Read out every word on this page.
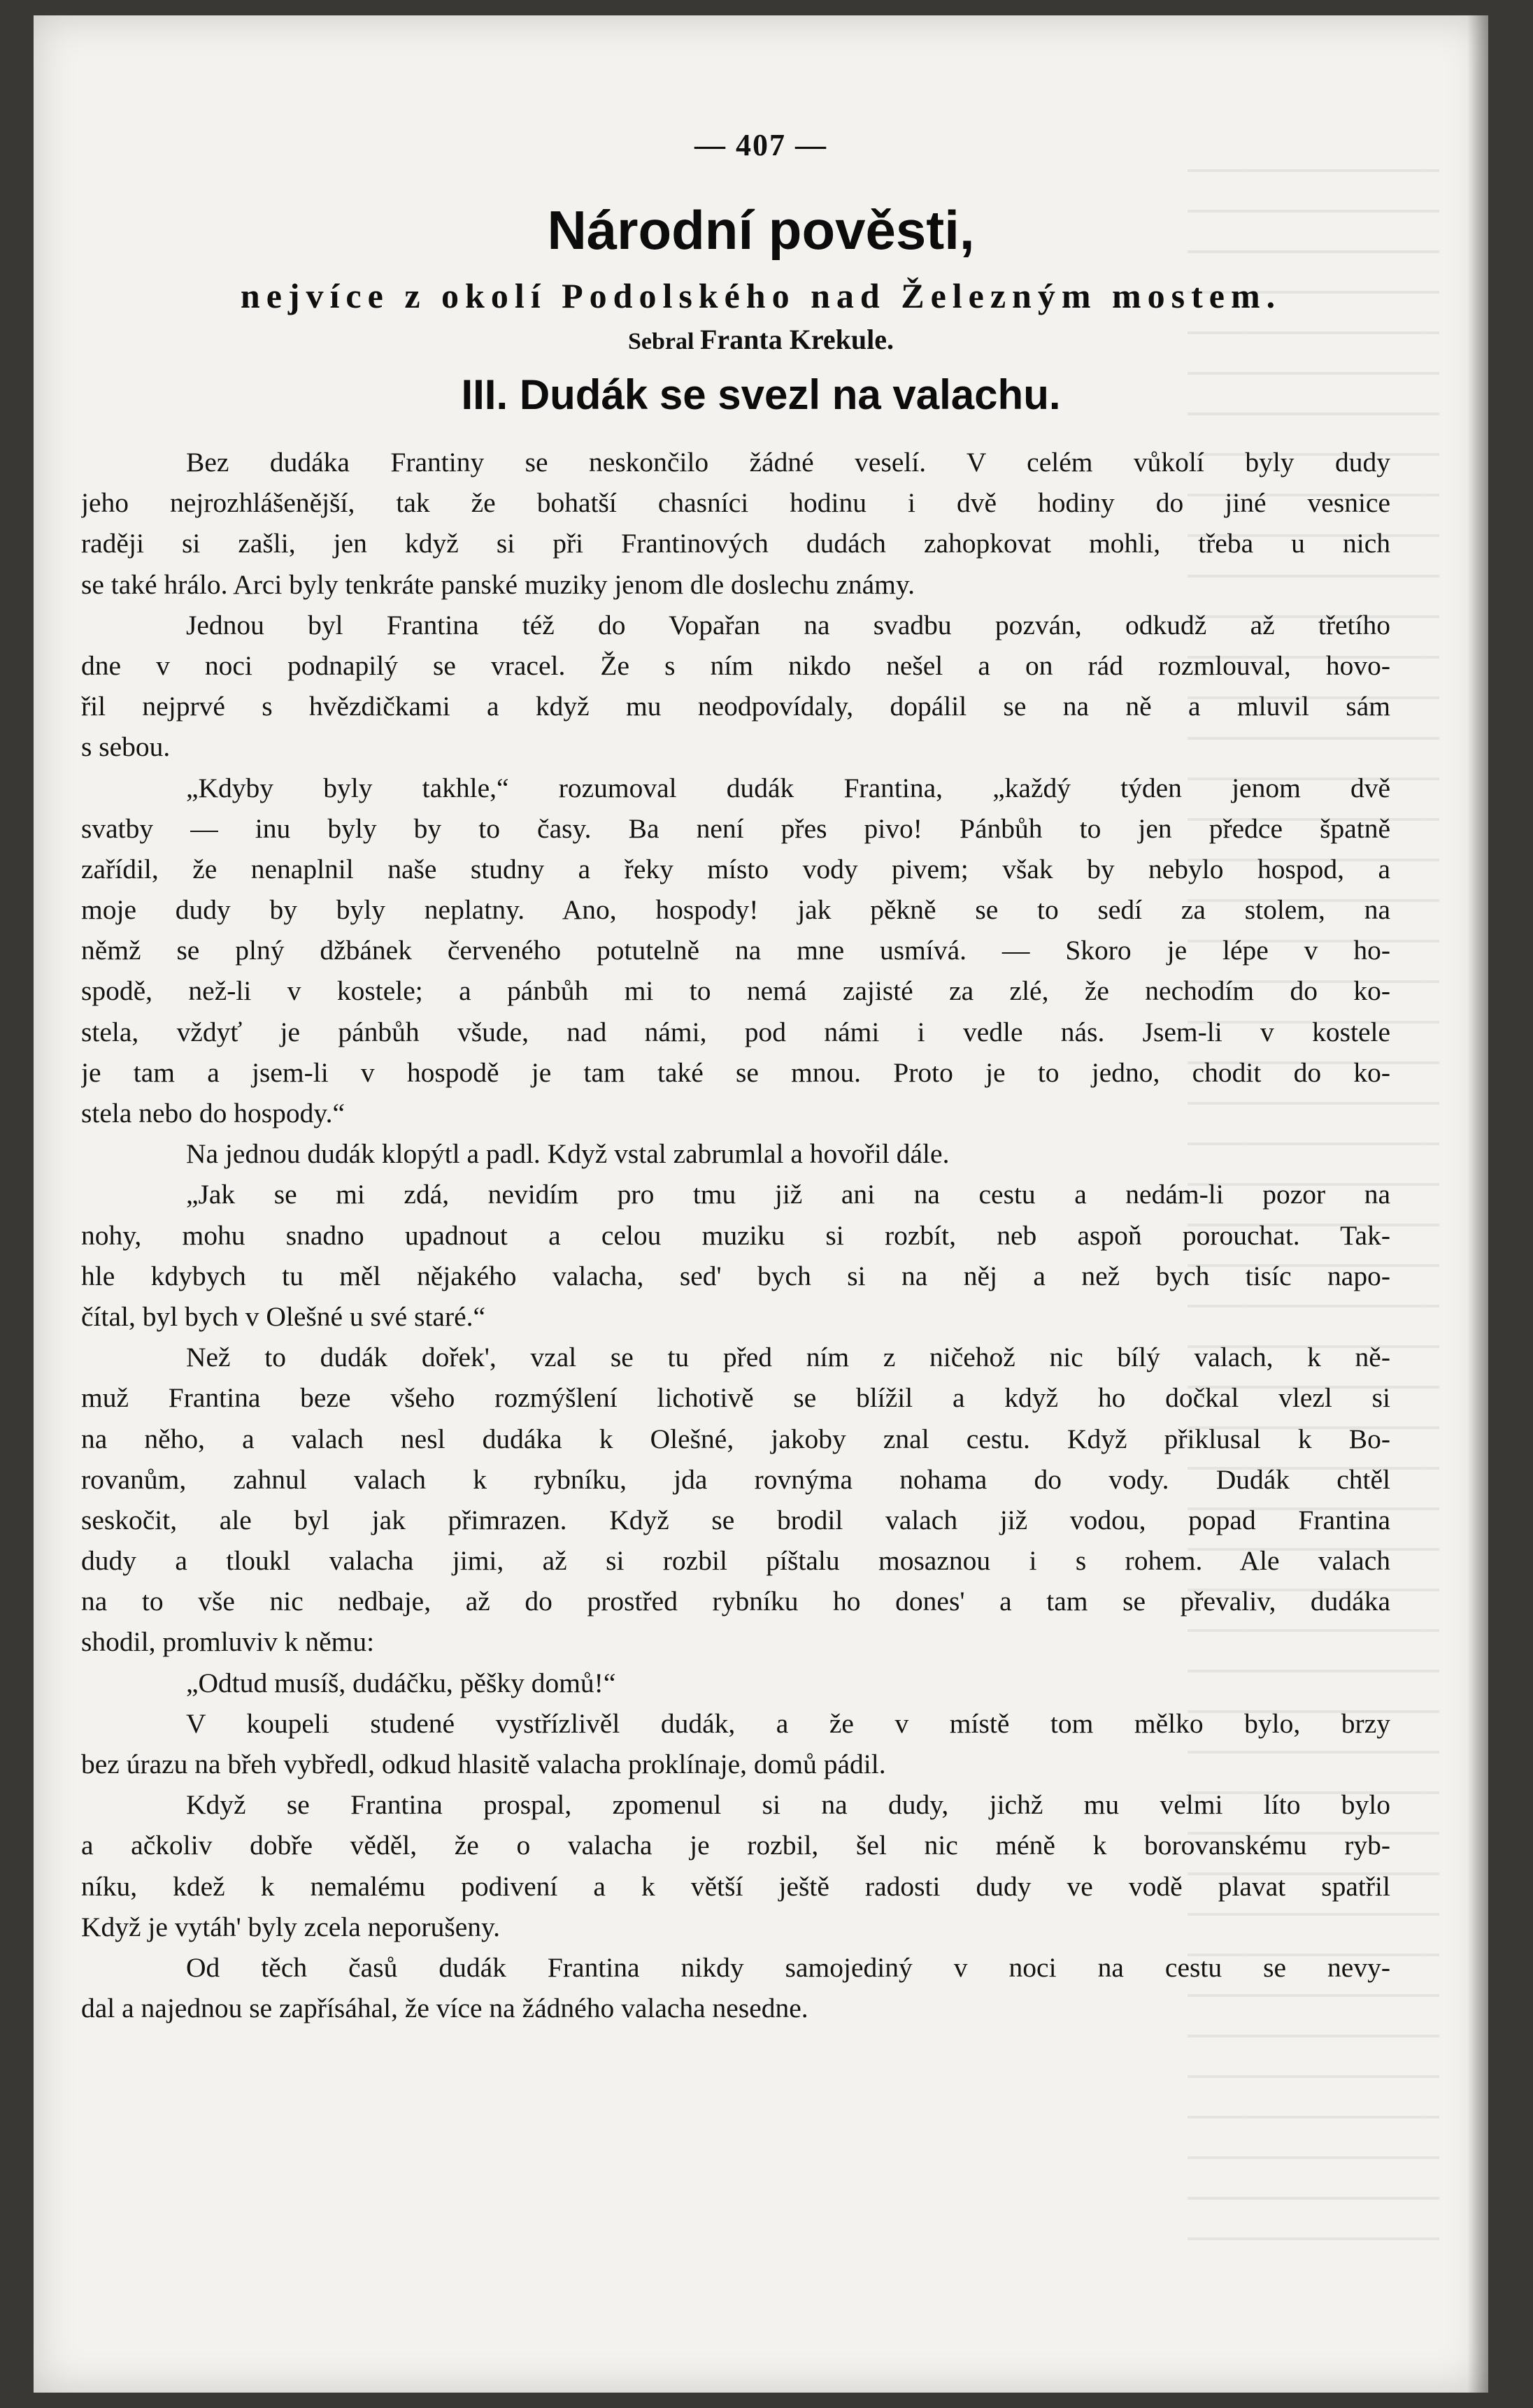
— 407 —
Národní pověsti,
nejvíce z okolí Podolského nad Železným mostem.
Sebral Franta Krekule.
III. Dudák se svezl na valachu.
Bez dudáka Frantiny se neskončilo žádné veselí. V celém vůkolí byly dudy
jeho nejrozhlášenější, tak že bohatší chasníci hodinu i dvě hodiny do jiné vesnice
raději si zašli, jen když si při Frantinových dudách zahopkovat mohli, třeba u nich
se také hrálo. Arci byly tenkráte panské muziky jenom dle doslechu známy.
Jednou byl Frantina též do Vopařan na svadbu pozván, odkudž až třetího
dne v noci podnapilý se vracel. Že s ním nikdo nešel a on rád rozmlouval, hovo-
řil nejprvé s hvězdičkami a když mu neodpovídaly, dopálil se na ně a mluvil sám
s sebou.
„Kdyby byly takhle,“ rozumoval dudák Frantina, „každý týden jenom dvě
svatby — inu byly by to časy. Ba není přes pivo! Pánbůh to jen předce špatně
zařídil, že nenaplnil naše studny a řeky místo vody pivem; však by nebylo hospod, a
moje dudy by byly neplatny. Ano, hospody! jak pěkně se to sedí za stolem, na
němž se plný džbánek červeného potutelně na mne usmívá. — Skoro je lépe v ho-
spodě, než-li v kostele; a pánbůh mi to nemá zajisté za zlé, že nechodím do ko-
stela, vždyť je pánbůh všude, nad námi, pod námi i vedle nás. Jsem-li v kostele
je tam a jsem-li v hospodě je tam také se mnou. Proto je to jedno, chodit do ko-
stela nebo do hospody.“
Na jednou dudák klopýtl a padl. Když vstal zabrumlal a hovořil dále.
„Jak se mi zdá, nevidím pro tmu již ani na cestu a nedám-li pozor na
nohy, mohu snadno upadnout a celou muziku si rozbít, neb aspoň porouchat. Tak-
hle kdybych tu měl nějakého valacha, sed' bych si na něj a než bych tisíc napo-
čítal, byl bych v Olešné u své staré.“
Než to dudák dořek', vzal se tu před ním z ničehož nic bílý valach, k ně-
muž Frantina beze všeho rozmýšlení lichotivě se blížil a když ho dočkal vlezl si
na něho, a valach nesl dudáka k Olešné, jakoby znal cestu. Když přiklusal k Bo-
rovanům, zahnul valach k rybníku, jda rovnýma nohama do vody. Dudák chtěl
seskočit, ale byl jak přimrazen. Když se brodil valach již vodou, popad Frantina
dudy a tloukl valacha jimi, až si rozbil píštalu mosaznou i s rohem. Ale valach
na to vše nic nedbaje, až do prostřed rybníku ho dones' a tam se převaliv, dudáka
shodil, promluviv k němu:
„Odtud musíš, dudáčku, pěšky domů!“
V koupeli studené vystřízlivěl dudák, a že v místě tom mělko bylo, brzy
bez úrazu na břeh vybředl, odkud hlasitě valacha proklínaje, domů pádil.
Když se Frantina prospal, zpomenul si na dudy, jichž mu velmi líto bylo
a ačkoliv dobře věděl, že o valacha je rozbil, šel nic méně k borovanskému ryb-
níku, kdež k nemalému podivení a k větší ještě radosti dudy ve vodě plavat spatřil
Když je vytáh' byly zcela neporušeny.
Od těch časů dudák Frantina nikdy samojediný v noci na cestu se nevy-
dal a najednou se zapřísáhal, že více na žádného valacha nesedne.
